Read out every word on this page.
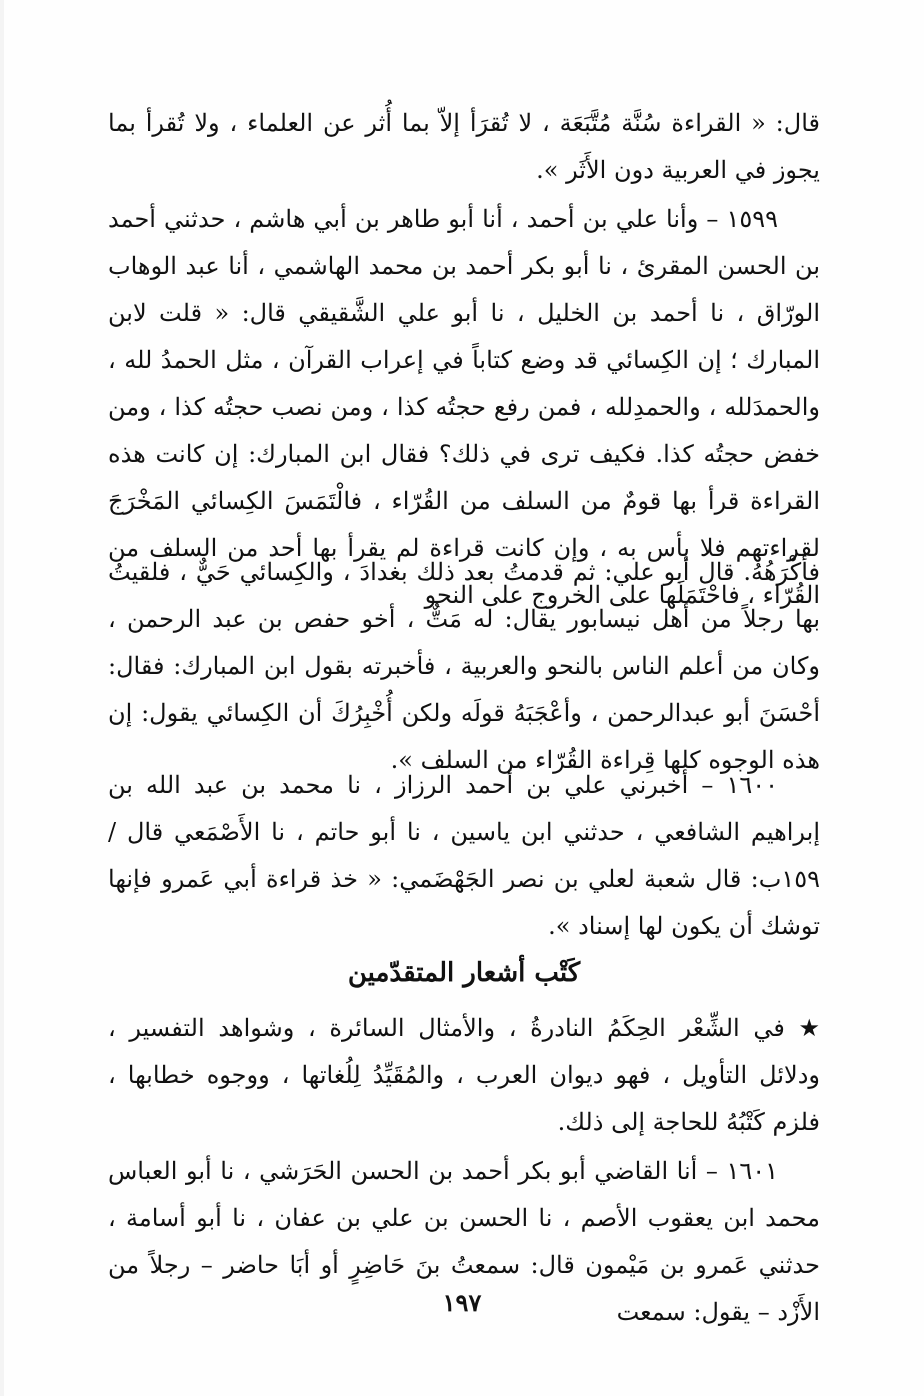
قال: « القراءة سُنَّة مُتَّبَعَة ، لا تُقرَأ إلاّ بما أُثر عن العلماء ، ولا تُقرأ بما يجوز في العربية دون الأَثَر ».

١٥٩٩ – وأنا علي بن أحمد ، أنا أبو طاهر بن أبي هاشم ، حدثني أحمد بن الحسن المقرئ ، نا أبو بكر أحمد بن محمد الهاشمي ، أنا عبد الوهاب الورّاق ، نا أحمد بن الخليل ، نا أبو علي الشَّقيقي قال: « قلت لابن المبارك ؛ إن الكِسائي قد وضع كتاباً في إعراب القرآن ، مثل الحمدُ لله ، والحمدَلله ، والحمدِلله ، فمن رفع حجتُه كذا ، ومن نصب حجتُه كذا ، ومن خفض حجتُه كذا. فكيف ترى في ذلك؟ فقال ابن المبارك: إن كانت هذه القراءة قرأ بها قومٌ من السلف من القُرّاء ، فالْتَمَسَ الكِسائي المَخْرَجَ لقراءتهم فلا بأس به ، وإن كانت قراءة لم يقرأ بها أحد من السلف من القُرّاء ، فاحْتَمَلَها على الخروج على النحو

فأكْرَهُهُ. قال أبو علي: ثم قدمتُ بعد ذلك بغدادَ ، والكِسائي حَيٌّ ، فلقيتُ بها رجلاً من أهل نيسابور يقال: له مَتٌّ ، أخو حفص بن عبد الرحمن ، وكان من أعلم الناس بالنحو والعربية ، فأخبرته بقول ابن المبارك: فقال: أحْسَنَ أبو عبدالرحمن ، وأعْجَبَهُ قولَه ولكن أُخْبِرُكَ أن الكِسائي يقول: إن هذه الوجوه كلها قِراءة القُرّاء من السلف ».

١٦٠٠ – أخبرني علي بن أحمد الرزاز ، نا محمد بن عبد الله بن إبراهيم الشافعي ، حدثني ابن ياسين ، نا أبو حاتم ، نا الأَصْمَعي قال /١٥٩ب: قال شعبة لعلي بن نصر الجَهْضَمي: « خذ قراءة أبي عَمرو فإنها توشك أن يكون لها إسناد ».

كَتْب أشعار المتقدّمين

★ في الشِّعْر الحِكَمُ النادرةُ ، والأمثال السائرة ، وشواهد التفسير ، ودلائل التأويل ، فهو ديوان العرب ، والمُقَيِّدُ لِلُغاتها ، ووجوه خطابها ، فلزم كَتْبُهُ للحاجة إلى ذلك.

١٦٠١ – أنا القاضي أبو بكر أحمد بن الحسن الحَرَشي ، نا أبو العباس محمد ابن يعقوب الأصم ، نا الحسن بن علي بن عفان ، نا أبو أسامة ، حدثني عَمرو بن مَيْمون قال: سمعتُ بنَ حَاضِرٍ أو أبَا حاضر – رجلاً من الأَزْد – يقول: سمعت

١٩٧
